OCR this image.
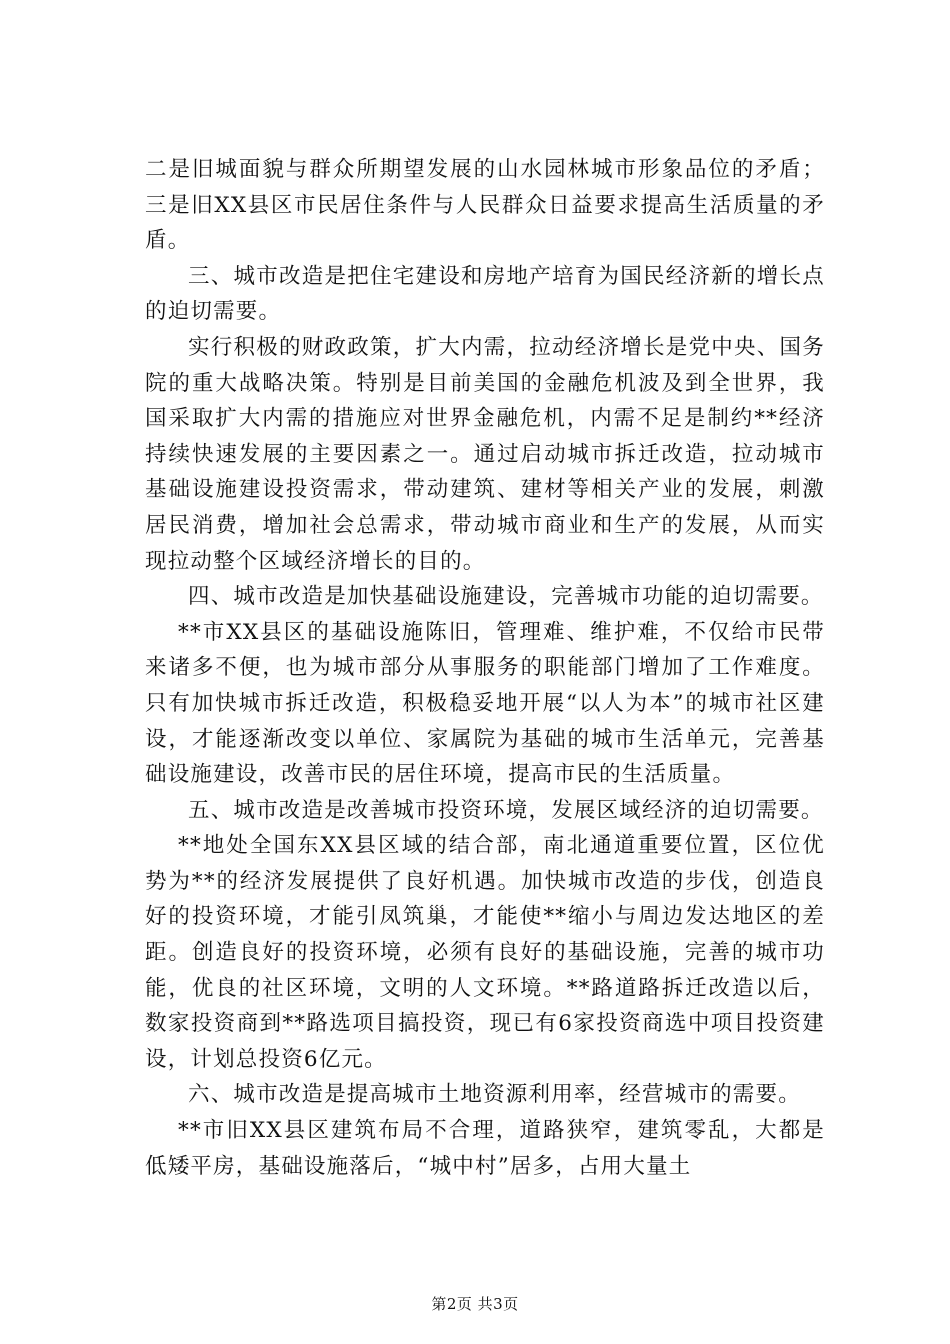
二是旧城面貌与群众所期望发展的山水园林城市形象品位的矛盾；三是旧XX县区市民居住条件与人民群众日益要求提高生活质量的矛盾。

三、城市改造是把住宅建设和房地产培育为国民经济新的增长点的迫切需要。

实行积极的财政政策，扩大内需，拉动经济增长是党中央、国务院的重大战略决策。特别是目前美国的金融危机波及到全世界，我国采取扩大内需的措施应对世界金融危机，内需不足是制约**经济持续快速发展的主要因素之一。通过启动城市拆迁改造，拉动城市基础设施建设投资需求，带动建筑、建材等相关产业的发展，刺激居民消费，增加社会总需求，带动城市商业和生产的发展，从而实现拉动整个区域经济增长的目的。

四、城市改造是加快基础设施建设，完善城市功能的迫切需要。

**市XX县区的基础设施陈旧，管理难、维护难，不仅给市民带来诸多不便，也为城市部分从事服务的职能部门增加了工作难度。只有加快城市拆迁改造，积极稳妥地开展“以人为本”的城市社区建设，才能逐渐改变以单位、家属院为基础的城市生活单元，完善基础设施建设，改善市民的居住环境，提高市民的生活质量。

五、城市改造是改善城市投资环境，发展区域经济的迫切需要。

**地处全国东XX县区域的结合部，南北通道重要位置，区位优势为**的经济发展提供了良好机遇。加快城市改造的步伐，创造良好的投资环境，才能引凤筑巢，才能使**缩小与周边发达地区的差距。创造良好的投资环境，必须有良好的基础设施，完善的城市功能，优良的社区环境，文明的人文环境。**路道路拆迁改造以后，数家投资商到**路选项目搞投资，现已有6家投资商选中项目投资建设，计划总投资6亿元。

六、城市改造是提高城市土地资源利用率，经营城市的需要。

**市旧XX县区建筑布局不合理，道路狭窄，建筑零乱，大都是低矮平房，基础设施落后，“城中村”居多，占用大量土

第2页 共3页
